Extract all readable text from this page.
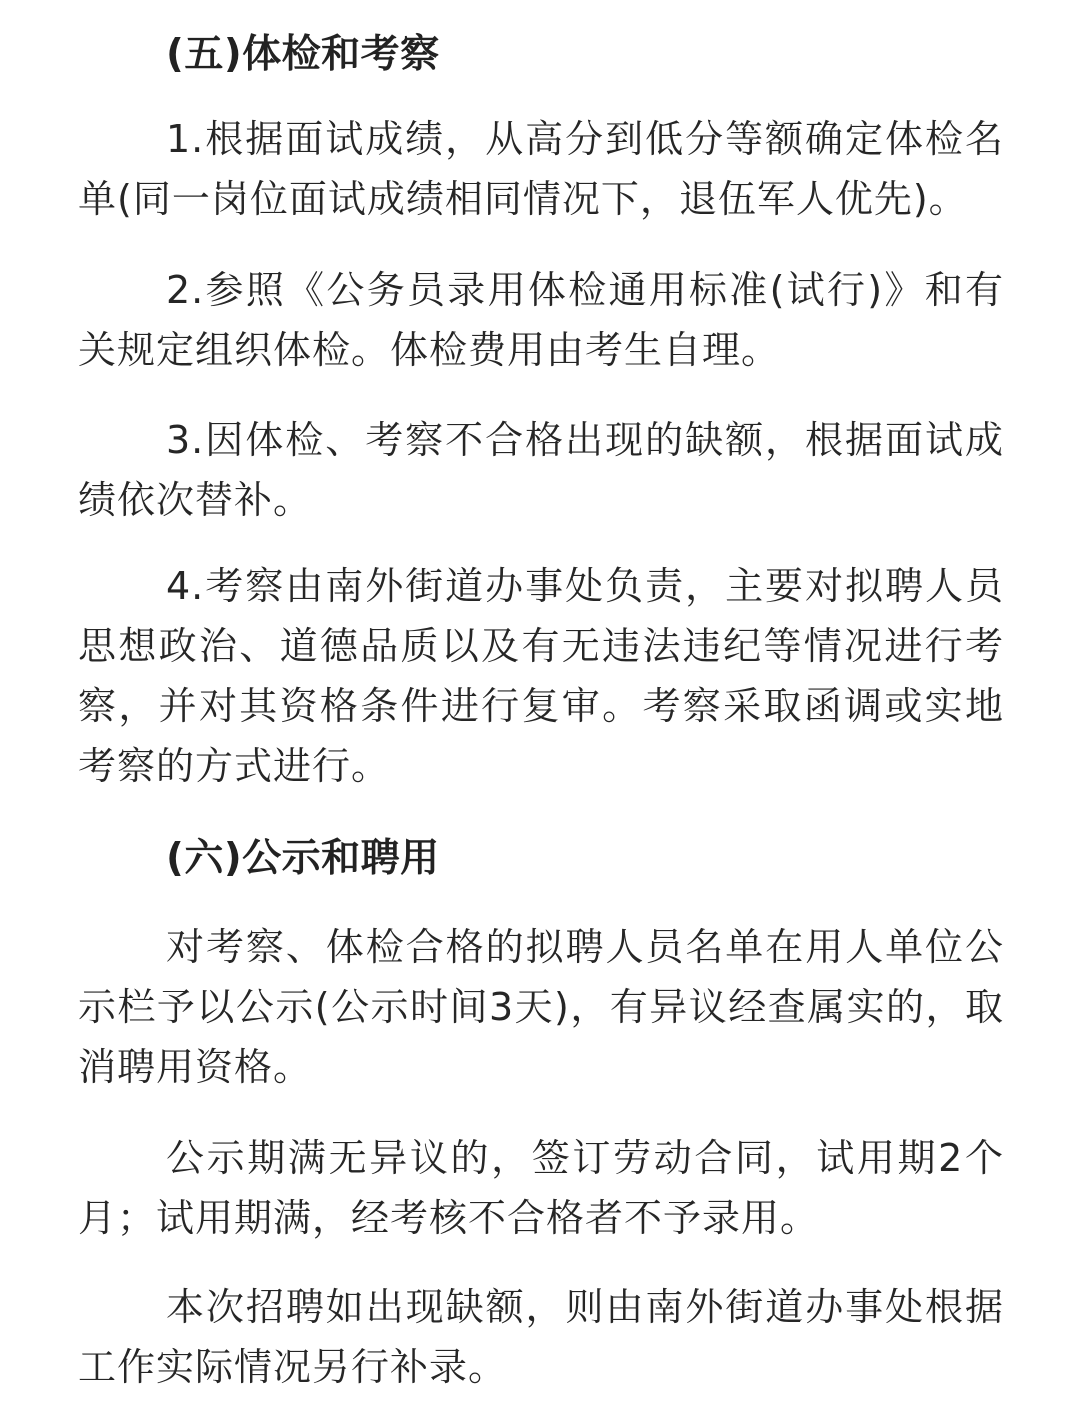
(五)体检和考察

1.根据面试成绩，从高分到低分等额确定体检名单(同一岗位面试成绩相同情况下，退伍军人优先)。

2.参照《公务员录用体检通用标准(试行)》和有关规定组织体检。体检费用由考生自理。

3.因体检、考察不合格出现的缺额，根据面试成绩依次替补。

4.考察由南外街道办事处负责，主要对拟聘人员思想政治、道德品质以及有无违法违纪等情况进行考察，并对其资格条件进行复审。考察采取函调或实地考察的方式进行。

(六)公示和聘用

对考察、体检合格的拟聘人员名单在用人单位公示栏予以公示(公示时间3天)，有异议经查属实的，取消聘用资格。

公示期满无异议的，签订劳动合同，试用期2个月；试用期满，经考核不合格者不予录用。

本次招聘如出现缺额，则由南外街道办事处根据工作实际情况另行补录。
